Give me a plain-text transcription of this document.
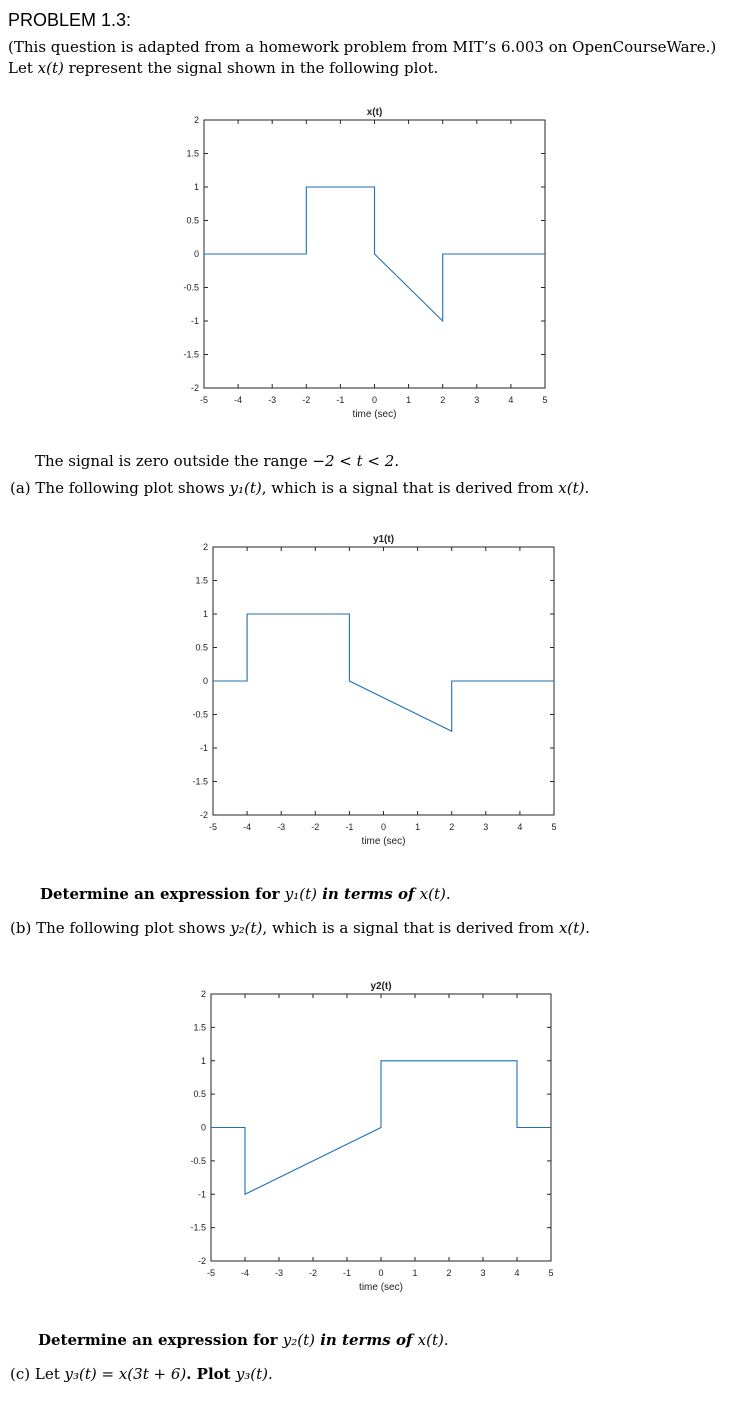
PROBLEM 1.3:
(This question is adapted from a homework problem from MIT’s 6.003 on OpenCourseWare.) Let x(t) represent the signal shown in the following plot.
-5	-4	-3	-2	-1	0	1	2	3	4	5
-2
-1.5
-1
-0.5
0
0.5
1
1.5
2
x(t)
time (sec)
The signal is zero outside the range −2 < t < 2.
(a) The following plot shows y₁(t), which is a signal that is derived from x(t).
-5	-4	-3	-2	-1	0	1	2	3	4	5
-2
-1.5
-1
-0.5
0
0.5
1
1.5
2
y1(t)
time (sec)
Determine an expression for y₁(t) in terms of x(t).
(b) The following plot shows y₂(t), which is a signal that is derived from x(t).
-5	-4	-3	-2	-1	0	1	2	3	4	5
-2
-1.5
-1
-0.5
0
0.5
1
1.5
2
y2(t)
time (sec)
Determine an expression for y₂(t) in terms of x(t).
(c) Let y₃(t) = x(3t + 6). Plot y₃(t).
